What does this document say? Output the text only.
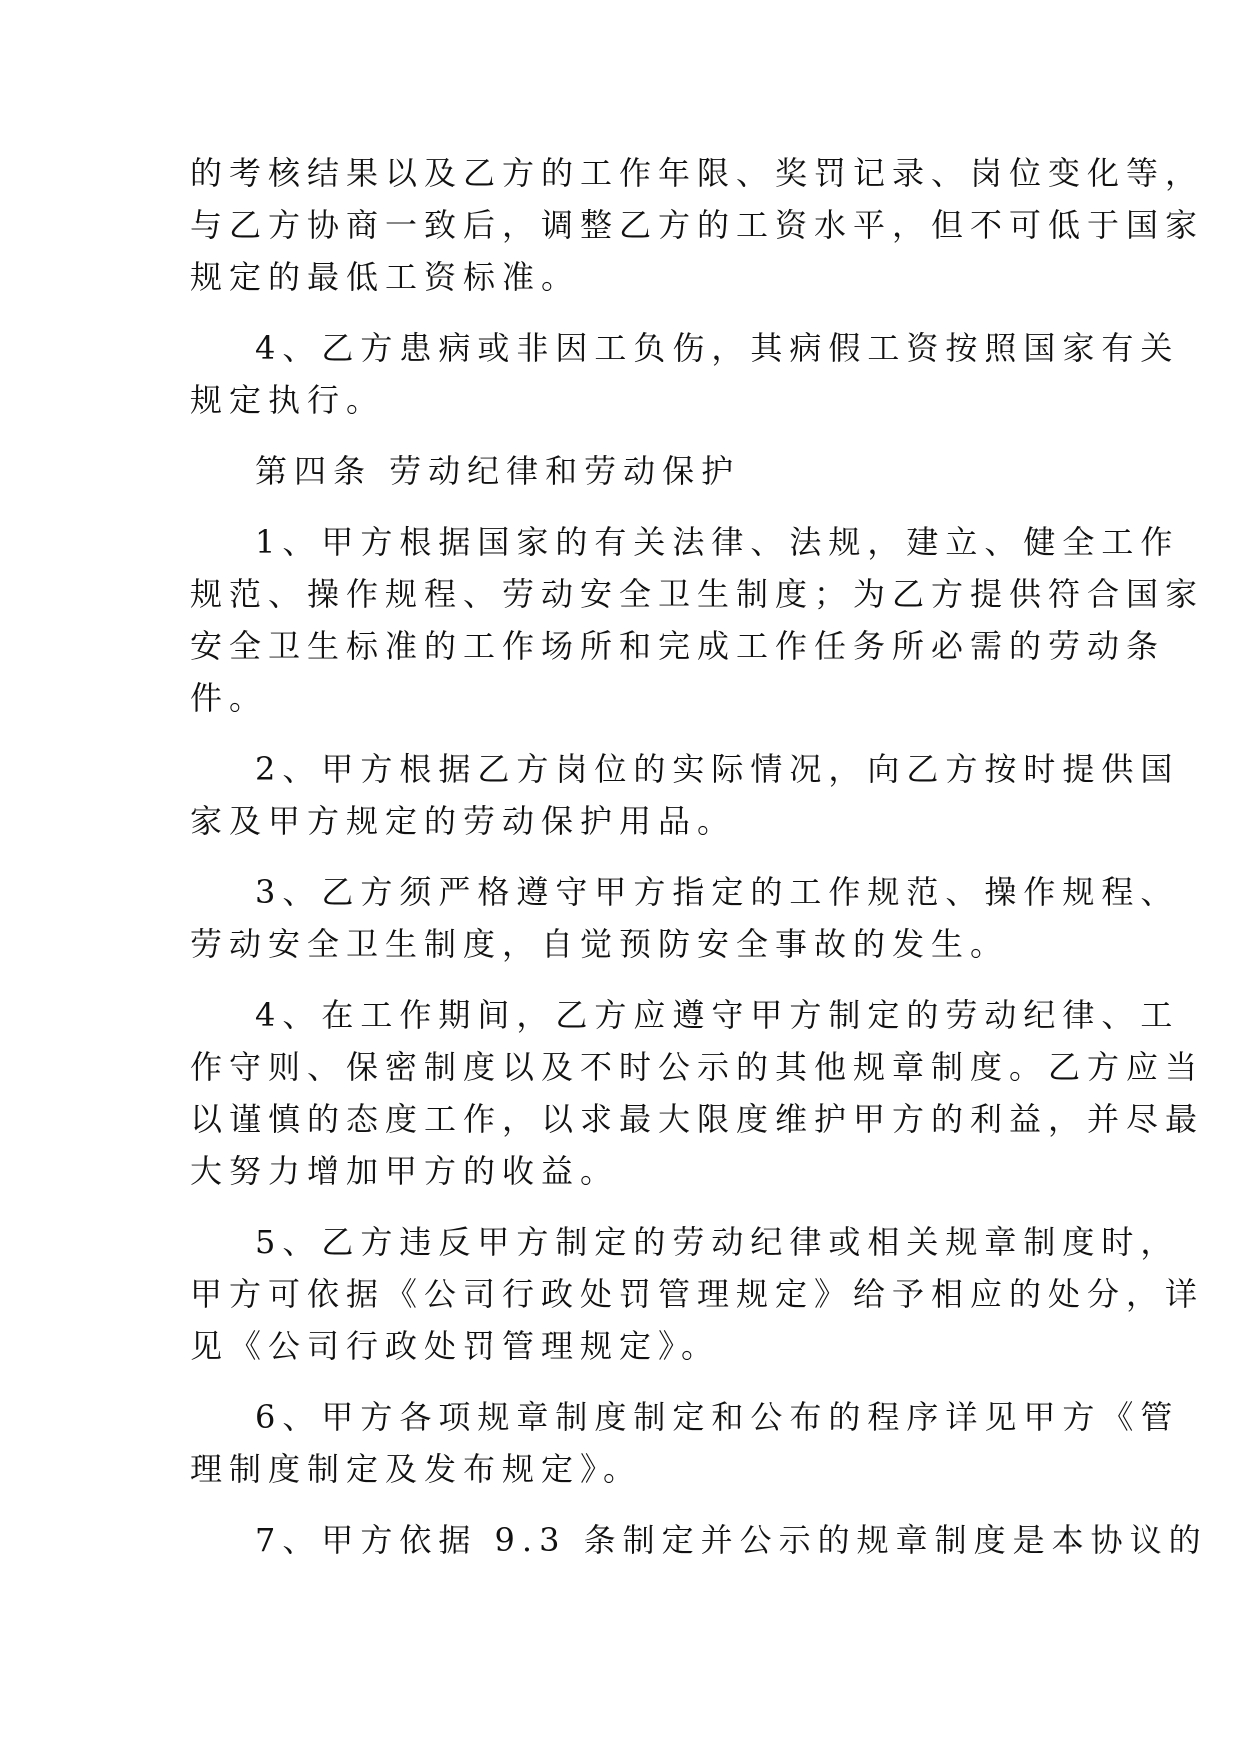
的考核结果以及乙方的工作年限、奖罚记录、岗位变化等，
与乙方协商一致后，调整乙方的工资水平，但不可低于国家
规定的最低工资标准。
4、乙方患病或非因工负伤，其病假工资按照国家有关
规定执行。
第四条 劳动纪律和劳动保护
1、甲方根据国家的有关法律、法规，建立、健全工作
规范、操作规程、劳动安全卫生制度；为乙方提供符合国家
安全卫生标准的工作场所和完成工作任务所必需的劳动条
件。
2、甲方根据乙方岗位的实际情况，向乙方按时提供国
家及甲方规定的劳动保护用品。
3、乙方须严格遵守甲方指定的工作规范、操作规程、
劳动安全卫生制度，自觉预防安全事故的发生。
4、在工作期间，乙方应遵守甲方制定的劳动纪律、工
作守则、保密制度以及不时公示的其他规章制度。乙方应当
以谨慎的态度工作，以求最大限度维护甲方的利益，并尽最
大努力增加甲方的收益。
5、乙方违反甲方制定的劳动纪律或相关规章制度时，
甲方可依据《公司行政处罚管理规定》给予相应的处分，详
见《公司行政处罚管理规定》。
6、甲方各项规章制度制定和公布的程序详见甲方《管
理制度制定及发布规定》。
7、甲方依据 9.3 条制定并公示的规章制度是本协议的
